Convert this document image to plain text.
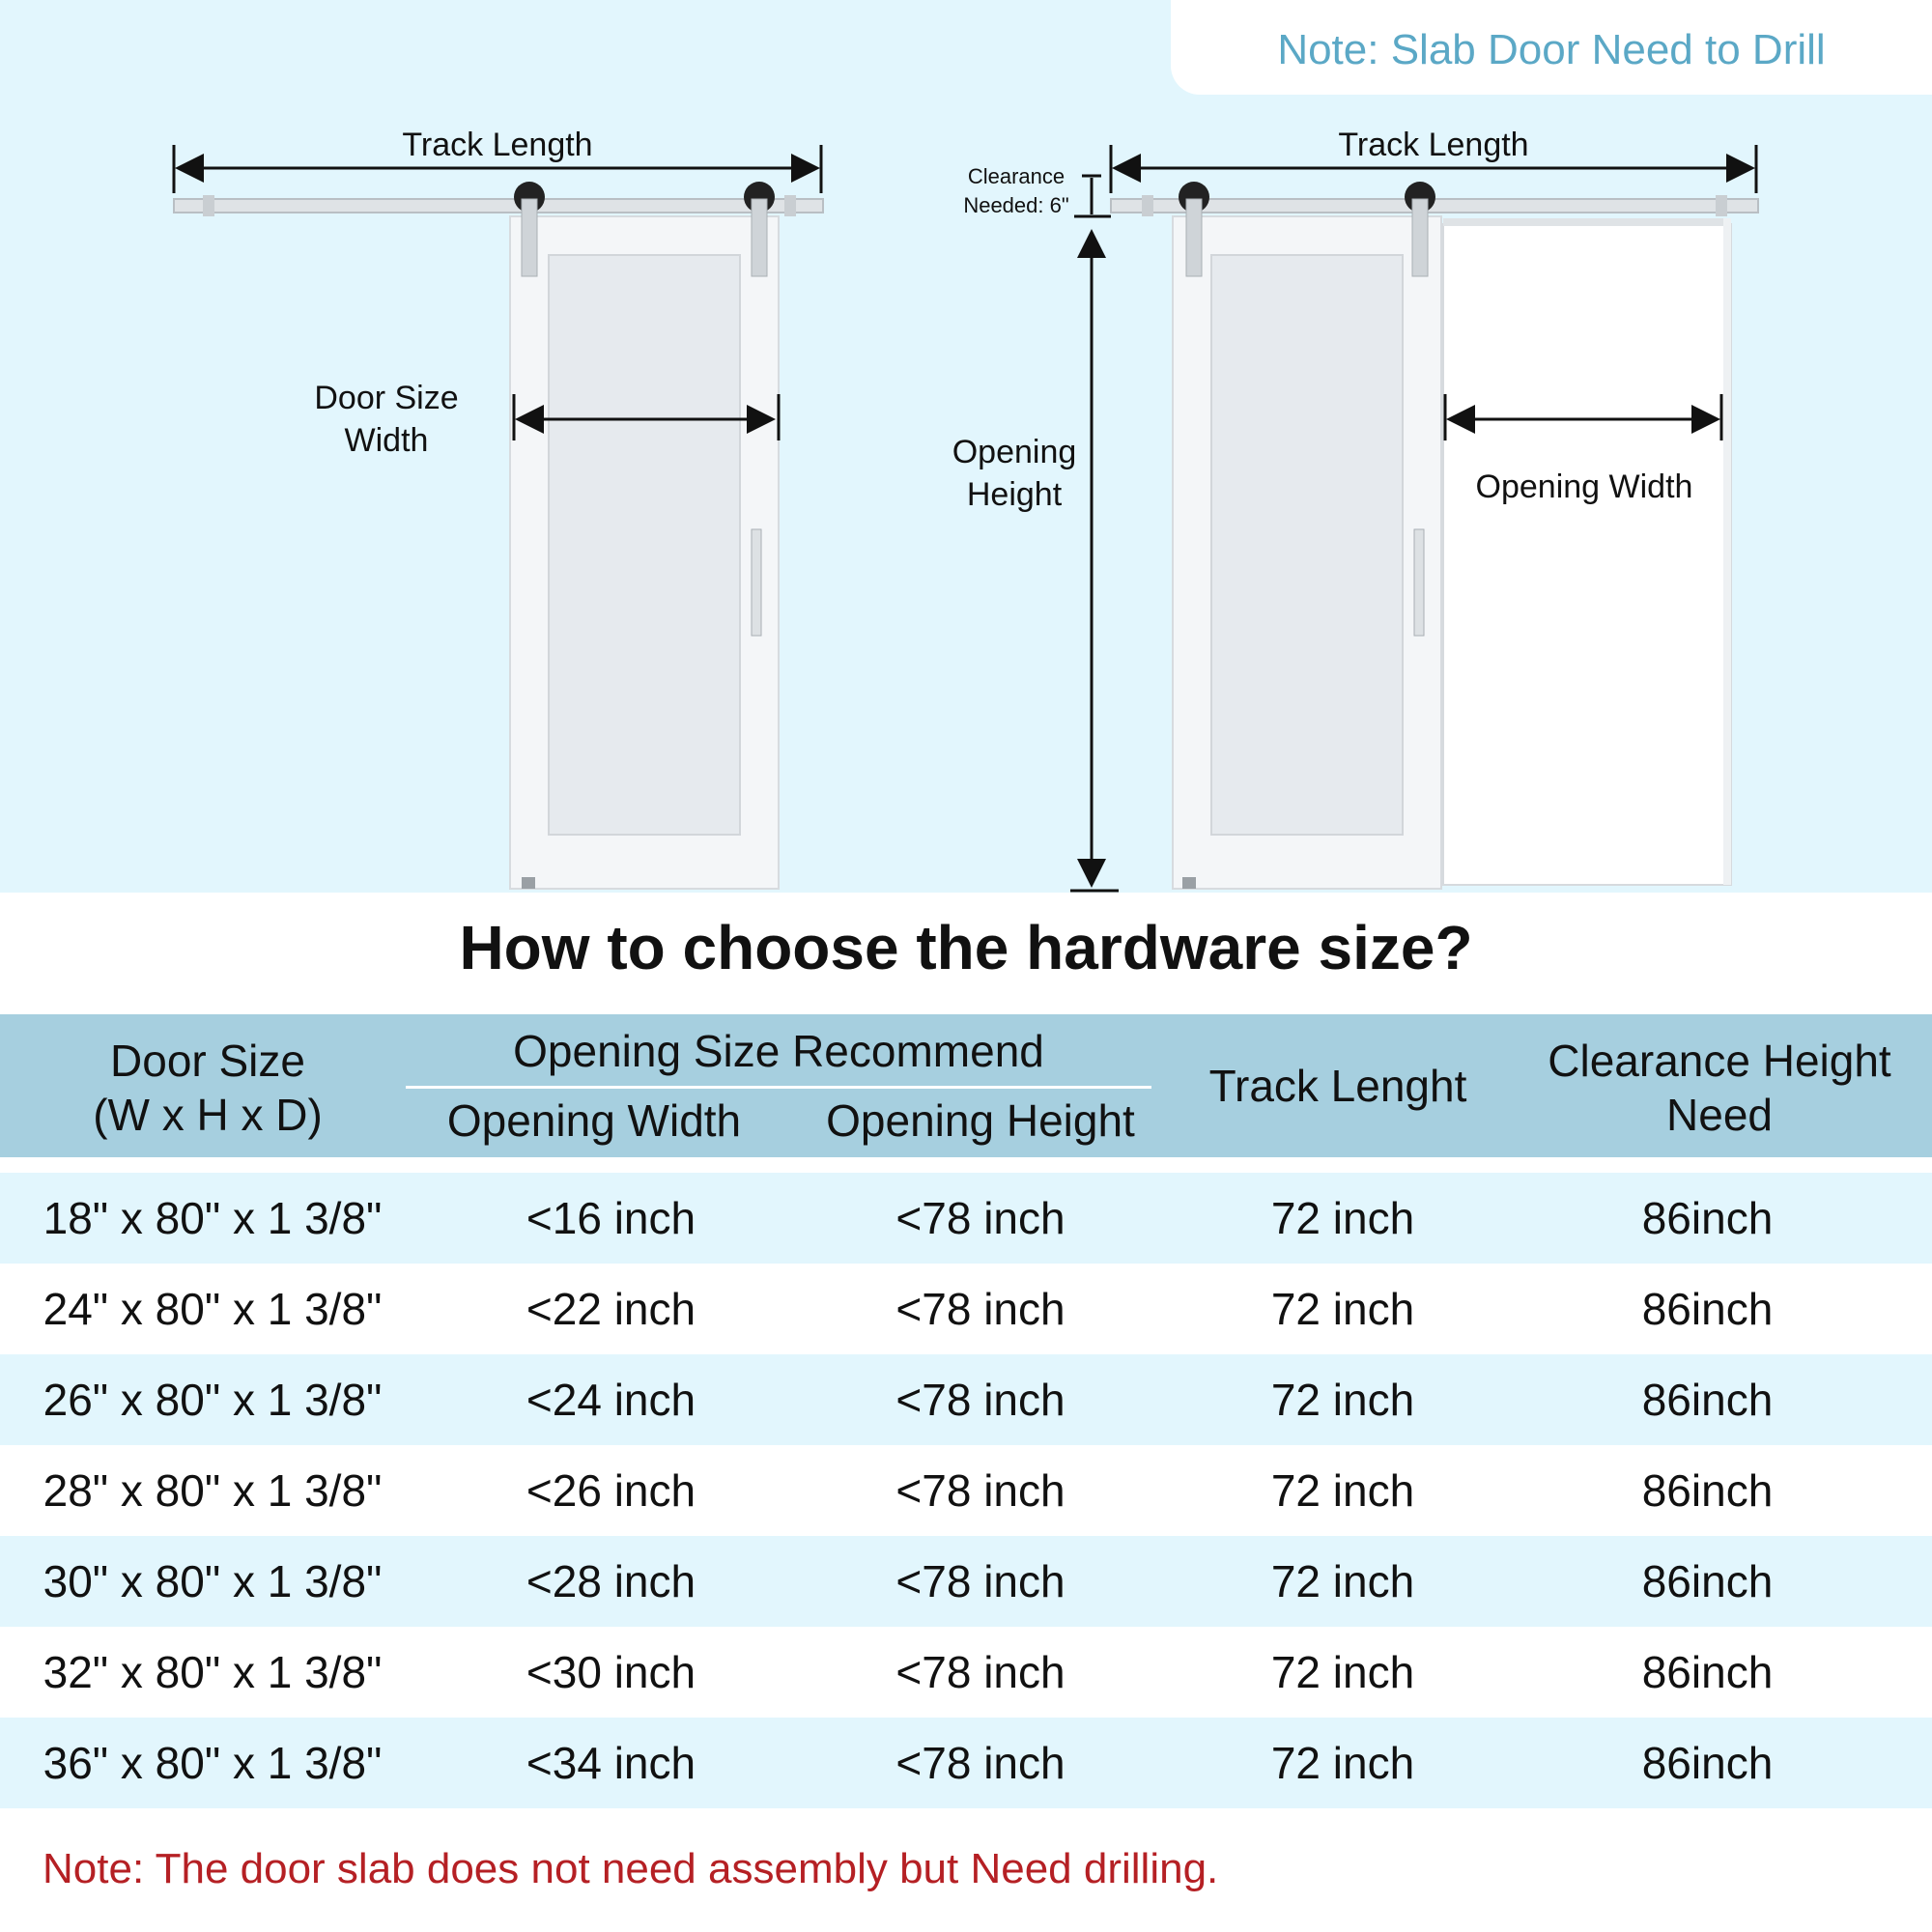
Note: Slab Door Need to Drill
Track Length
Door Size
Width
Track Length
Clearance
Needed: 6"
Opening
Height	Opening Width
How to choose the hardware size?
Door Size
(W x H x D)
Opening Size Recommend
Opening Width	Opening Height
Track Lenght	Clearance Height
Need
18" x 80" x 1 3/8"	<16 inch	<78 inch	72 inch	86inch
24" x 80" x 1 3/8"	<22 inch	<78 inch	72 inch	86inch
26" x 80" x 1 3/8"	<24 inch	<78 inch	72 inch	86inch
28" x 80" x 1 3/8"	<26 inch	<78 inch	72 inch	86inch
30" x 80" x 1 3/8"	<28 inch	<78 inch	72 inch	86inch
32" x 80" x 1 3/8"	<30 inch	<78 inch	72 inch	86inch
36" x 80" x 1 3/8"	<34 inch	<78 inch	72 inch	86inch
Note: The door slab does not need assembly but Need drilling.
